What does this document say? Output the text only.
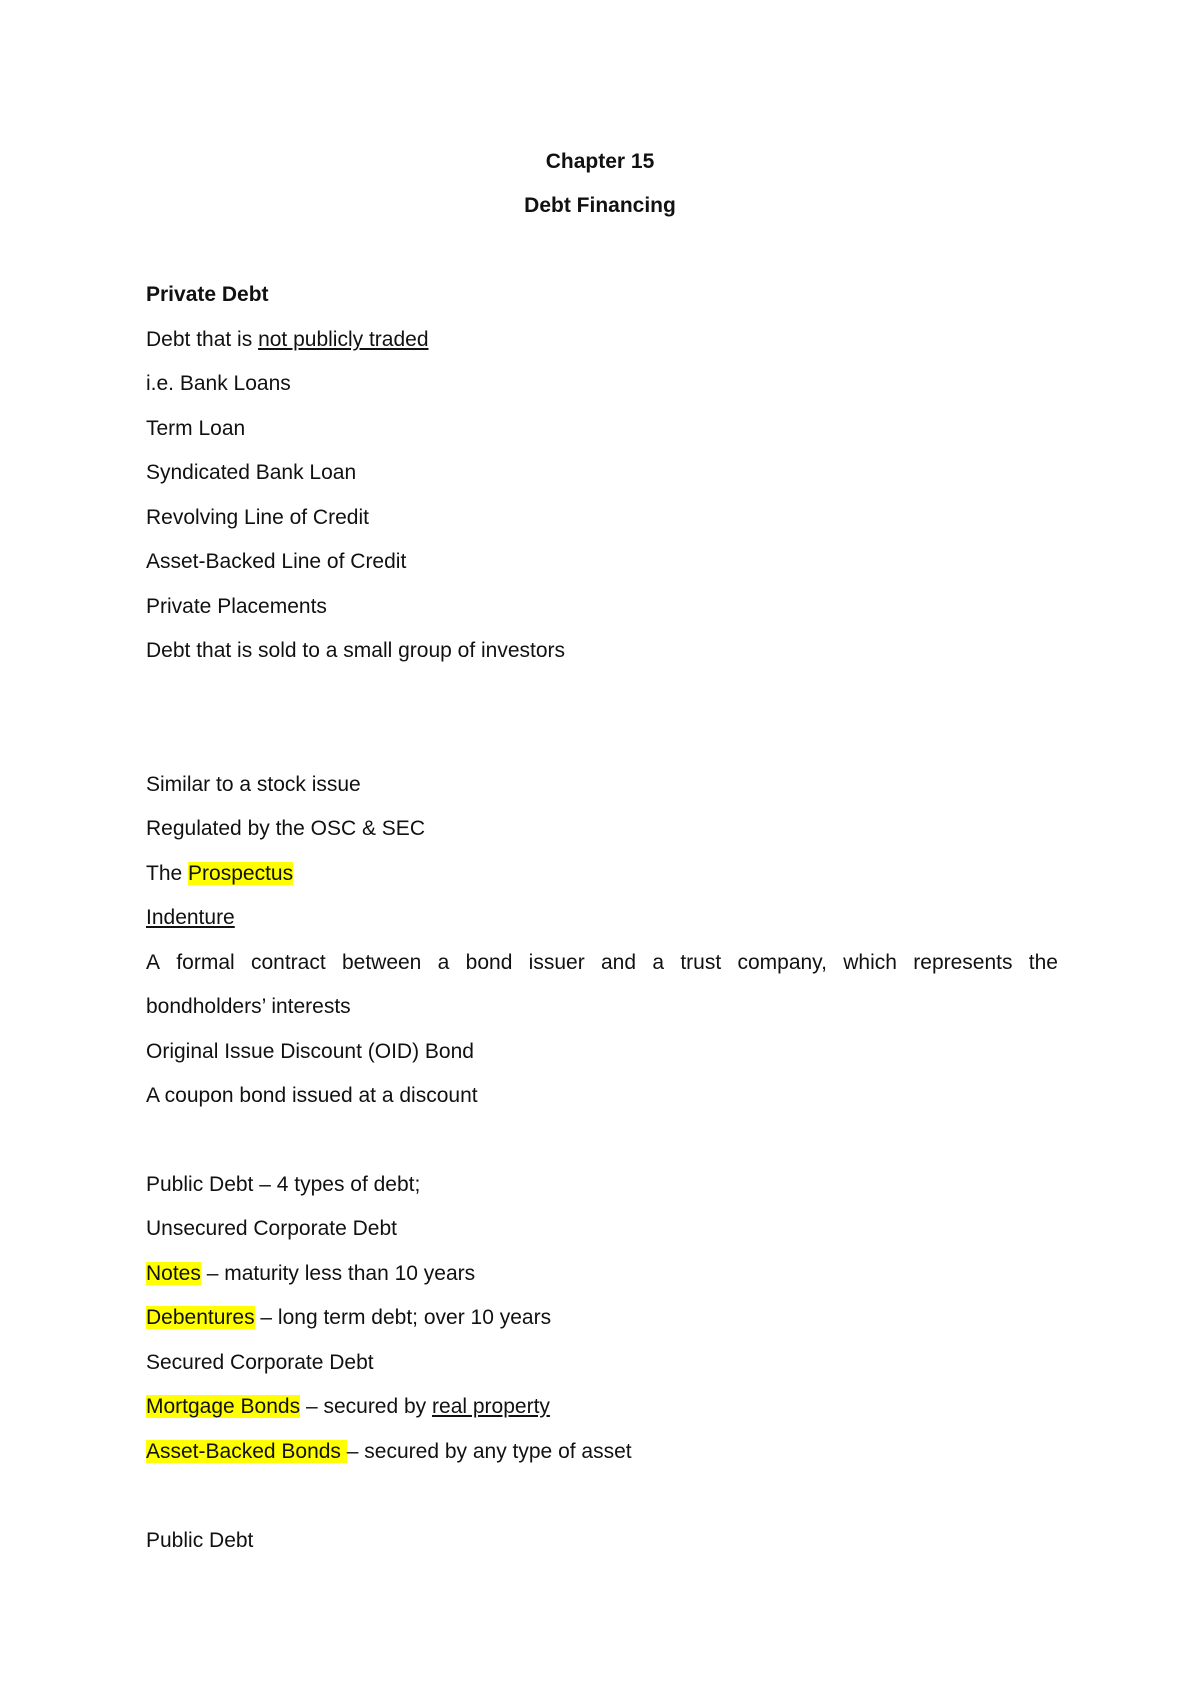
Chapter 15
Debt Financing
Private Debt
Debt that is not publicly traded
i.e. Bank Loans
Term Loan
Syndicated Bank Loan
Revolving Line of Credit
Asset-Backed Line of Credit
Private Placements
Debt that is sold to a small group of investors
Similar to a stock issue
Regulated by the OSC & SEC
The Prospectus
Indenture
A formal contract between a bond issuer and a trust company, which represents the
bondholders’ interests
Original Issue Discount (OID) Bond
A coupon bond issued at a discount
Public Debt – 4 types of debt;
Unsecured Corporate Debt
Notes – maturity less than 10 years
Debentures – long term debt; over 10 years
Secured Corporate Debt
Mortgage Bonds – secured by real property
Asset-Backed Bonds – secured by any type of asset
Public Debt
